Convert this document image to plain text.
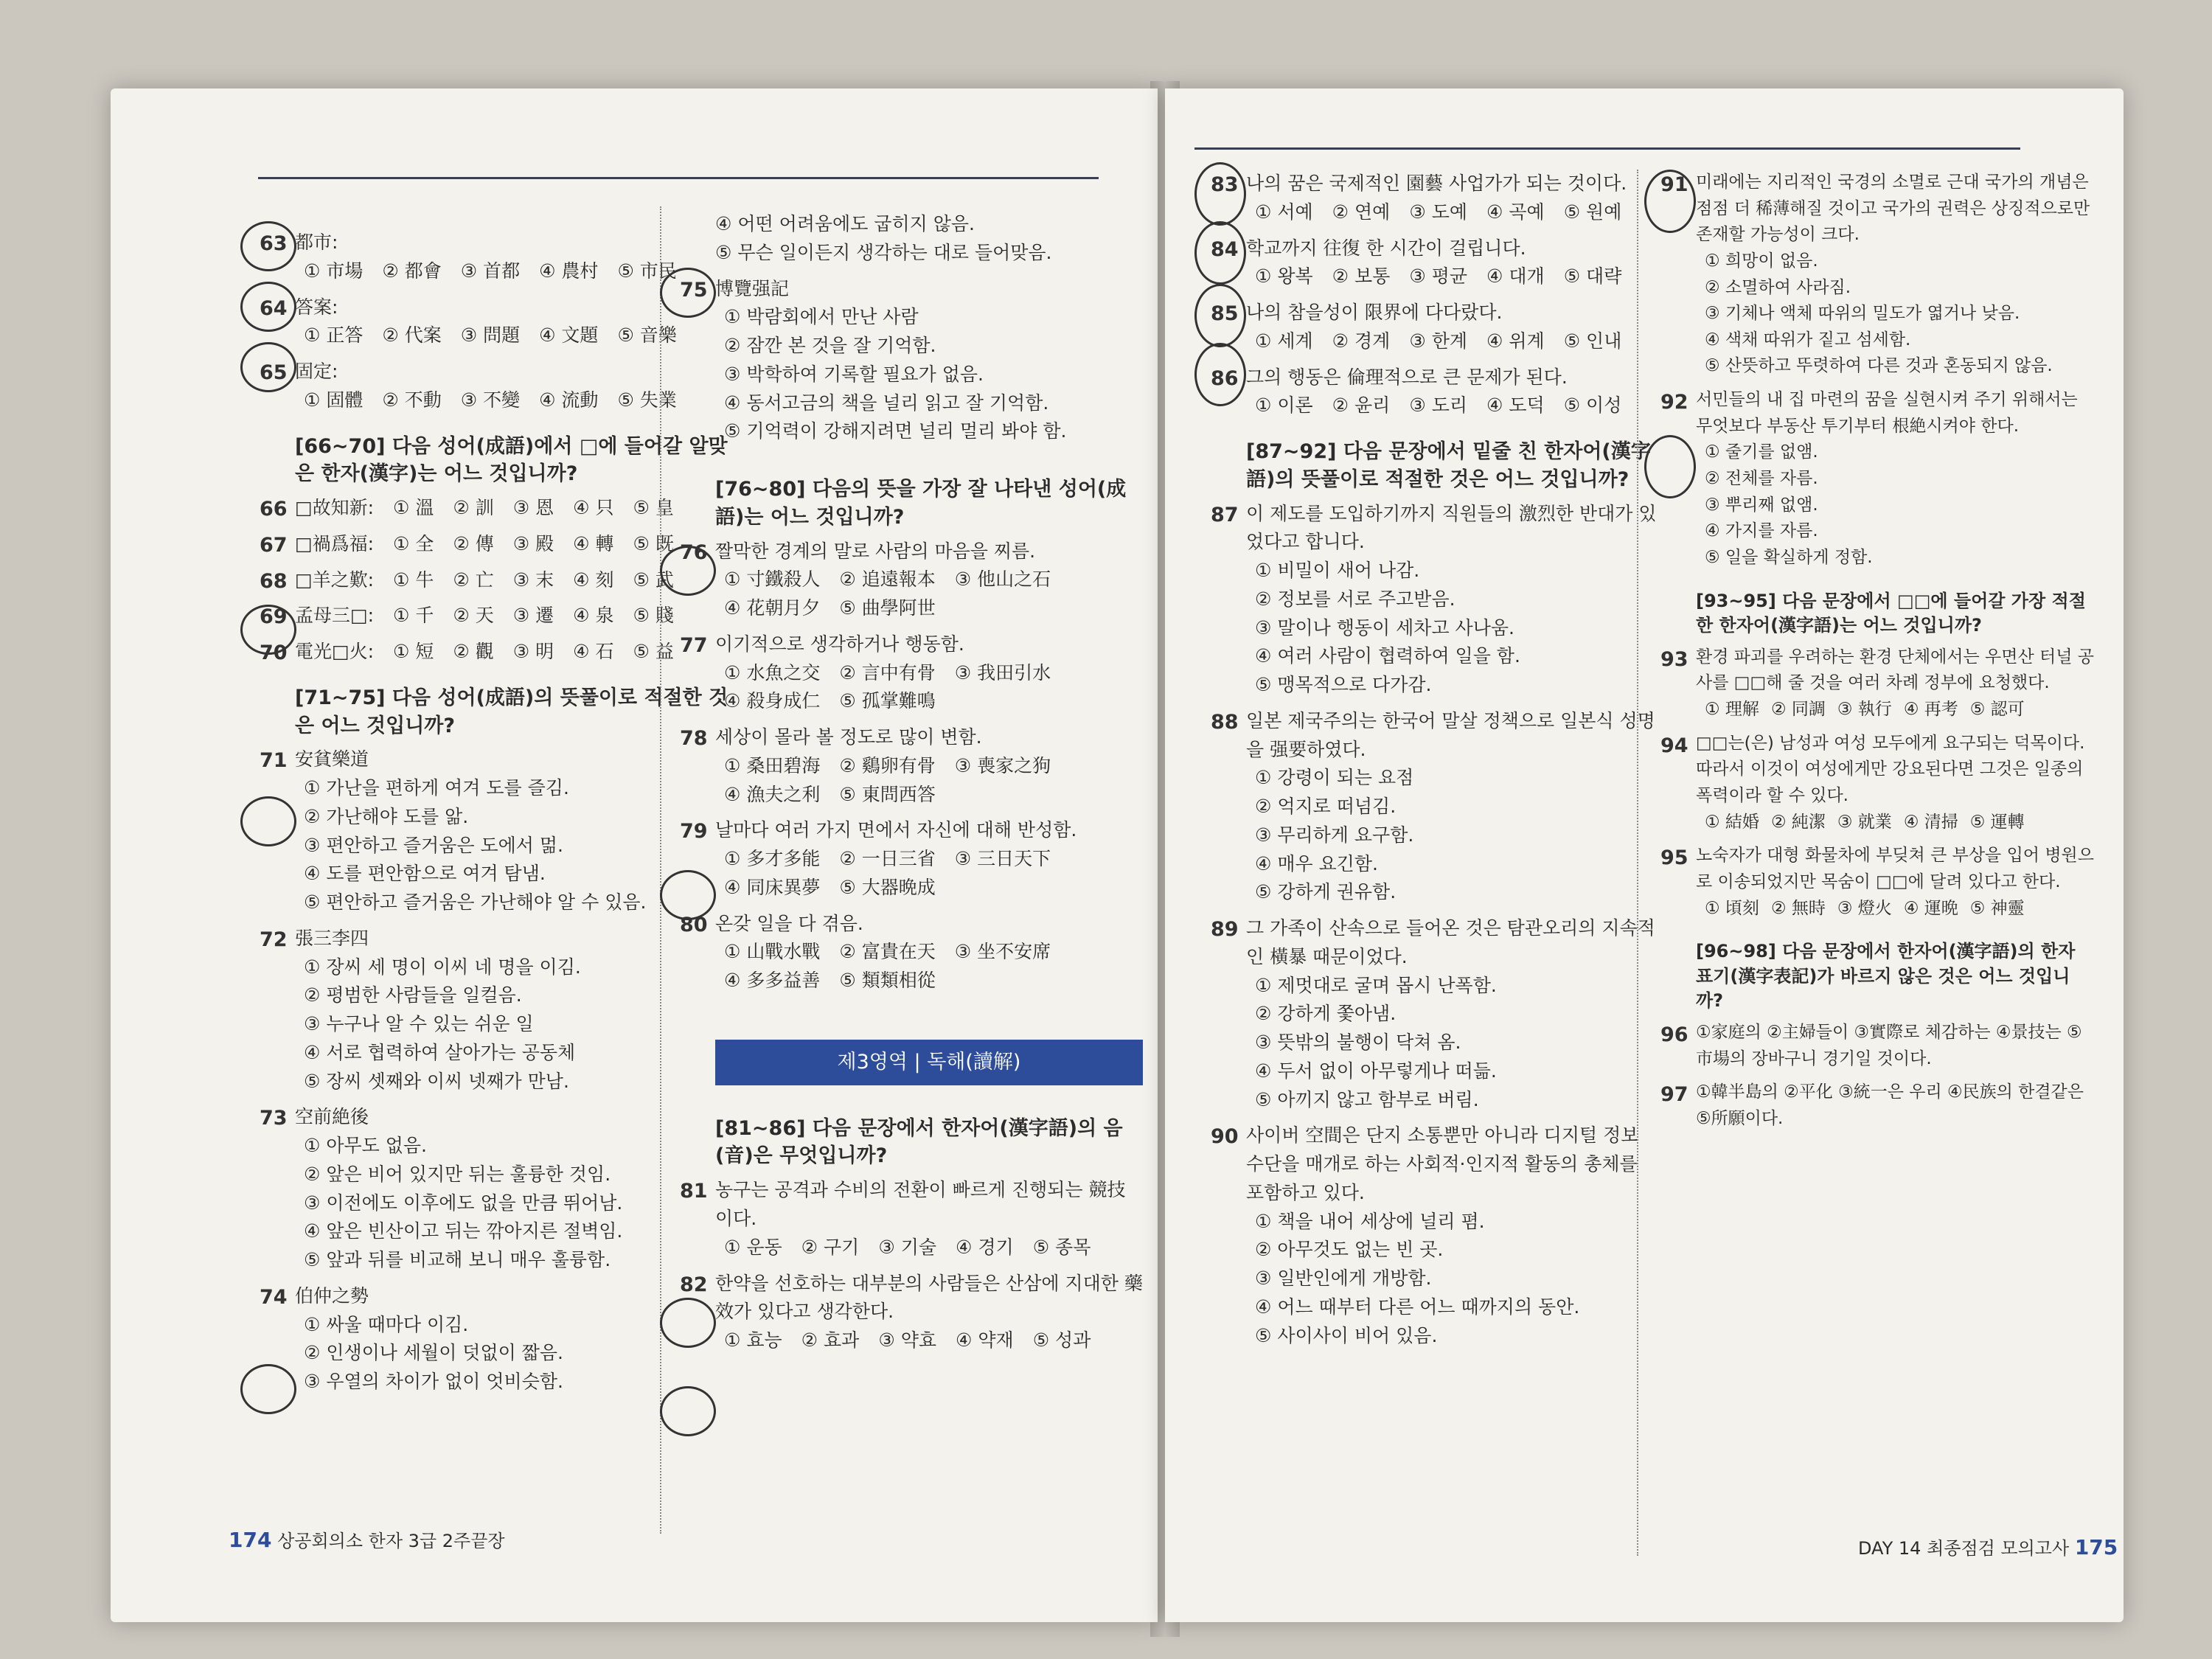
63 都市:
① 市場 ② 都會 ③ 首都 ④ 農村 ⑤ 市民
64 答案:
① 正答 ② 代案 ③ 問題 ④ 文題 ⑤ 音樂
65 固定:
① 固體 ② 不動 ③ 不變 ④ 流動 ⑤ 失業
[66~70] 다음 성어(成語)에서 □에 들어갈 알맞은 한자(漢字)는 어느 것입니까?
66 □故知新: ① 溫 ② 訓 ③ 恩 ④ 只 ⑤ 皇
67 □禍爲福: ① 全 ② 傳 ③ 殿 ④ 轉 ⑤ 既
68 □羊之歎: ① 牛 ② 亡 ③ 末 ④ 刻 ⑤ 武
69 孟母三□: ① 千 ② 天 ③ 遷 ④ 泉 ⑤ 賤
70 電光□火: ① 短 ② 觀 ③ 明 ④ 石 ⑤ 益
[71~75] 다음 성어(成語)의 뜻풀이로 적절한 것은 어느 것입니까?
71 安貧樂道
① 가난을 편하게 여겨 도를 즐김.
② 가난해야 도를 앎.
③ 편안하고 즐거움은 도에서 멂.
④ 도를 편안함으로 여겨 탐냄.
⑤ 편안하고 즐거움은 가난해야 알 수 있음.
72 張三李四
① 장씨 세 명이 이씨 네 명을 이김.
② 평범한 사람들을 일컬음.
③ 누구나 알 수 있는 쉬운 일
④ 서로 협력하여 살아가는 공동체
⑤ 장씨 셋째와 이씨 넷째가 만남.
73 空前絶後
① 아무도 없음.
② 앞은 비어 있지만 뒤는 훌륭한 것임.
③ 이전에도 이후에도 없을 만큼 뛰어남.
④ 앞은 빈산이고 뒤는 깎아지른 절벽임.
⑤ 앞과 뒤를 비교해 보니 매우 훌륭함.
74 伯仲之勢
① 싸울 때마다 이김.
② 인생이나 세월이 덧없이 짧음.
③ 우열의 차이가 없이 엇비슷함.
④ 어떤 어려움에도 굽히지 않음.
⑤ 무슨 일이든지 생각하는 대로 들어맞음.
75 博覽强記
① 박람회에서 만난 사람
② 잠깐 본 것을 잘 기억함.
③ 박학하여 기록할 필요가 없음.
④ 동서고금의 책을 널리 읽고 잘 기억함.
⑤ 기억력이 강해지려면 널리 멀리 봐야 함.
[76~80] 다음의 뜻을 가장 잘 나타낸 성어(成語)는 어느 것입니까?
76 짤막한 경계의 말로 사람의 마음을 찌름.
① 寸鐵殺人 ② 追遠報本 ③ 他山之石
④ 花朝月夕 ⑤ 曲學阿世
77 이기적으로 생각하거나 행동함.
① 水魚之交 ② 言中有骨 ③ 我田引水
④ 殺身成仁 ⑤ 孤掌難鳴
78 세상이 몰라 볼 정도로 많이 변함.
① 桑田碧海 ② 鷄卵有骨 ③ 喪家之狗
④ 漁夫之利 ⑤ 東問西答
79 날마다 여러 가지 면에서 자신에 대해 반성함.
① 多才多能 ② 一日三省 ③ 三日天下
④ 同床異夢 ⑤ 大器晩成
80 온갖 일을 다 겪음.
① 山戰水戰 ② 富貴在天 ③ 坐不安席
④ 多多益善 ⑤ 類類相從
제3영역 | 독해(讀解)
[81~86] 다음 문장에서 한자어(漢字語)의 음(音)은 무엇입니까?
81 농구는 공격과 수비의 전환이 빠르게 진행되는 競技이다.
① 운동 ② 구기 ③ 기술 ④ 경기 ⑤ 종목
82 한약을 선호하는 대부분의 사람들은 산삼에 지대한 藥效가 있다고 생각한다.
① 효능 ② 효과 ③ 약효 ④ 약재 ⑤ 성과
174 상공회의소 한자 3급 2주끝장
83 나의 꿈은 국제적인 園藝 사업가가 되는 것이다.
① 서예 ② 연예 ③ 도예 ④ 곡예 ⑤ 원예
84 학교까지 往復 한 시간이 걸립니다.
① 왕복 ② 보통 ③ 평균 ④ 대개 ⑤ 대략
85 나의 참을성이 限界에 다다랐다.
① 세계 ② 경계 ③ 한계 ④ 위계 ⑤ 인내
86 그의 행동은 倫理적으로 큰 문제가 된다.
① 이론 ② 윤리 ③ 도리 ④ 도덕 ⑤ 이성
[87~92] 다음 문장에서 밑줄 친 한자어(漢字語)의 뜻풀이로 적절한 것은 어느 것입니까?
87 이 제도를 도입하기까지 직원들의 激烈한 반대가 있었다고 합니다.
① 비밀이 새어 나감.
② 정보를 서로 주고받음.
③ 말이나 행동이 세차고 사나움.
④ 여러 사람이 협력하여 일을 함.
⑤ 맹목적으로 다가감.
88 일본 제국주의는 한국어 말살 정책으로 일본식 성명을 强要하였다.
① 강령이 되는 요점
② 억지로 떠넘김.
③ 무리하게 요구함.
④ 매우 요긴함.
⑤ 강하게 권유함.
89 그 가족이 산속으로 들어온 것은 탐관오리의 지속적인 橫暴 때문이었다.
① 제멋대로 굴며 몹시 난폭함.
② 강하게 쫓아냄.
③ 뜻밖의 불행이 닥쳐 옴.
④ 두서 없이 아무렇게나 떠듦.
⑤ 아끼지 않고 함부로 버림.
90 사이버 空間은 단지 소통뿐만 아니라 디지털 정보 수단을 매개로 하는 사회적·인지적 활동의 총체를 포함하고 있다.
① 책을 내어 세상에 널리 폄.
② 아무것도 없는 빈 곳.
③ 일반인에게 개방함.
④ 어느 때부터 다른 어느 때까지의 동안.
⑤ 사이사이 비어 있음.
91 미래에는 지리적인 국경의 소멸로 근대 국가의 개념은 점점 더 稀薄해질 것이고 국가의 권력은 상징적으로만 존재할 가능성이 크다.
① 희망이 없음.
② 소멸하여 사라짐.
③ 기체나 액체 따위의 밀도가 엷거나 낮음.
④ 색채 따위가 짙고 섬세함.
⑤ 산뜻하고 뚜렷하여 다른 것과 혼동되지 않음.
92 서민들의 내 집 마련의 꿈을 실현시켜 주기 위해서는 무엇보다 부동산 투기부터 根絶시켜야 한다.
① 줄기를 없앰.
② 전체를 자름.
③ 뿌리째 없앰.
④ 가지를 자름.
⑤ 일을 확실하게 정함.
[93~95] 다음 문장에서 □□에 들어갈 가장 적절한 한자어(漢字語)는 어느 것입니까?
93 환경 파괴를 우려하는 환경 단체에서는 우면산 터널 공사를 □□해 줄 것을 여러 차례 정부에 요청했다.
① 理解 ② 同調 ③ 執行 ④ 再考 ⑤ 認可
94 □□는(은) 남성과 여성 모두에게 요구되는 덕목이다. 따라서 이것이 여성에게만 강요된다면 그것은 일종의 폭력이라 할 수 있다.
① 結婚 ② 純潔 ③ 就業 ④ 清掃 ⑤ 運轉
95 노숙자가 대형 화물차에 부딪쳐 큰 부상을 입어 병원으로 이송되었지만 목숨이 □□에 달려 있다고 한다.
① 頃刻 ② 無時 ③ 燈火 ④ 運晩 ⑤ 神靈
[96~98] 다음 문장에서 한자어(漢字語)의 한자 표기(漢字表記)가 바르지 않은 것은 어느 것입니까?
96 ①家庭의 ②主婦들이 ③實際로 체감하는 ④景技는 ⑤市場의 장바구니 경기일 것이다.
97 ①韓半島의 ②平化 ③統一은 우리 ④民族의 한결같은 ⑤所願이다.
DAY 14 최종점검 모의고사 175
